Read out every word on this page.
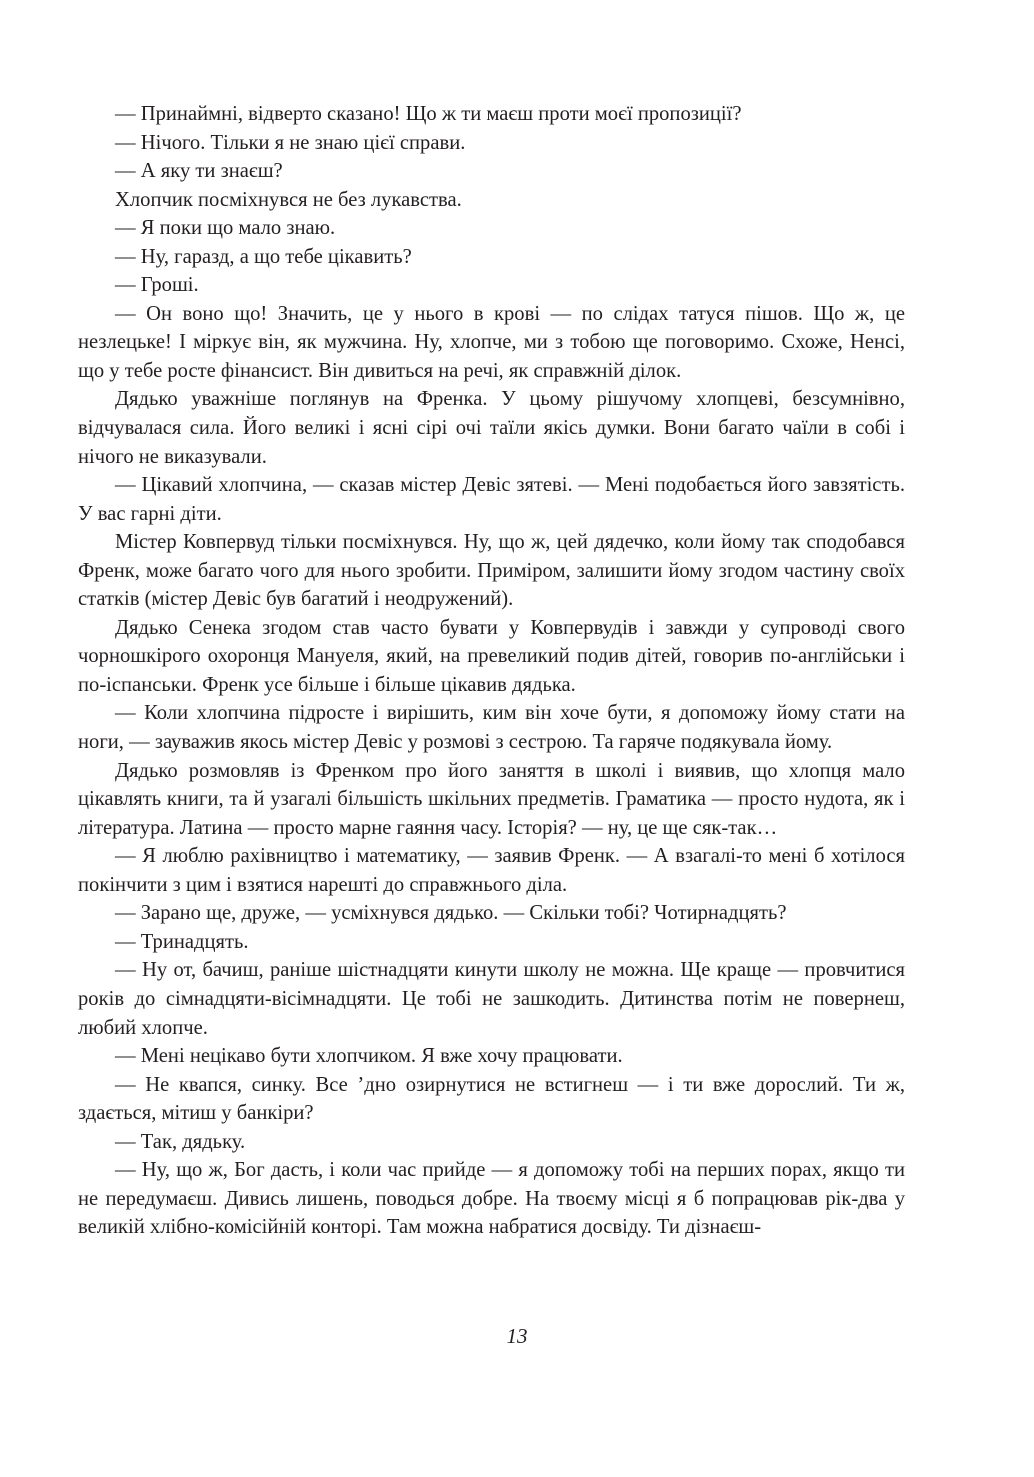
— Принаймні, відверто сказано! Що ж ти маєш проти моєї пропозиції?

— Нічого. Тільки я не знаю цієї справи.

— А яку ти знаєш?

Хлопчик посміхнувся не без лукавства.

— Я поки що мало знаю.

— Ну, гаразд, а що тебе цікавить?

— Гроші.

— Он воно що! Значить, це у нього в крові — по слідах татуся пішов. Що ж, це незлецьке! І міркує він, як мужчина. Ну, хлопче, ми з тобою ще поговоримо. Схоже, Ненсі, що у тебе росте фінансист. Він дивиться на речі, як справжній ділок.

Дядько уважніше поглянув на Френка. У цьому рішучому хлопцеві, безсумнівно, відчувалася сила. Його великі і ясні сірі очі таїли якісь думки. Вони багато чаїли в собі і нічого не виказували.

— Цікавий хлопчина, — сказав містер Девіс зятеві. — Мені подобається його завзятість. У вас гарні діти.

Містер Ковпервуд тільки посміхнувся. Ну, що ж, цей дядечко, коли йому так сподобався Френк, може багато чого для нього зробити. Приміром, залишити йому згодом частину своїх статків (містер Девіс був багатий і неодружений).

Дядько Сенека згодом став часто бувати у Ковпервудів і завжди у супроводі свого чорношкірого охоронця Мануеля, який, на превеликий подив дітей, говорив по-англійськи і по-іспанськи. Френк усе більше і більше цікавив дядька.

— Коли хлопчина підросте і вирішить, ким він хоче бути, я допоможу йому стати на ноги, — зауважив якось містер Девіс у розмові з сестрою. Та гаряче подякувала йому.

Дядько розмовляв із Френком про його заняття в школі і виявив, що хлопця мало цікавлять книги, та й узагалі більшість шкільних предметів. Граматика — просто нудота, як і література. Латина — просто марне гаяння часу. Історія? — ну, це ще сяк-так…

— Я люблю рахівництво і математику, — заявив Френк. — А взагалі-то мені б хотілося покінчити з цим і взятися нарешті до справжнього діла.

— Зарано ще, друже, — усміхнувся дядько. — Скільки тобі? Чотирнадцять?

— Тринадцять.

— Ну от, бачиш, раніше шістнадцяти кинути школу не можна. Ще краще — провчитися років до сімнадцяти-вісімнадцяти. Це тобі не зашкодить. Дитинства потім не повернеш, любий хлопче.

— Мені нецікаво бути хлопчиком. Я вже хочу працювати.

— Не квапся, синку. Все ’дно озирнутися не встигнеш — і ти вже дорослий. Ти ж, здається, мітиш у банкіри?

— Так, дядьку.

— Ну, що ж, Бог дасть, і коли час прийде — я допоможу тобі на перших порах, якщо ти не передумаєш. Дивись лишень, поводься добре. На твоєму місці я б попрацював рік-два у великій хлібно-комісійній конторі. Там можна набратися досвіду. Ти дізнаєш-

13
